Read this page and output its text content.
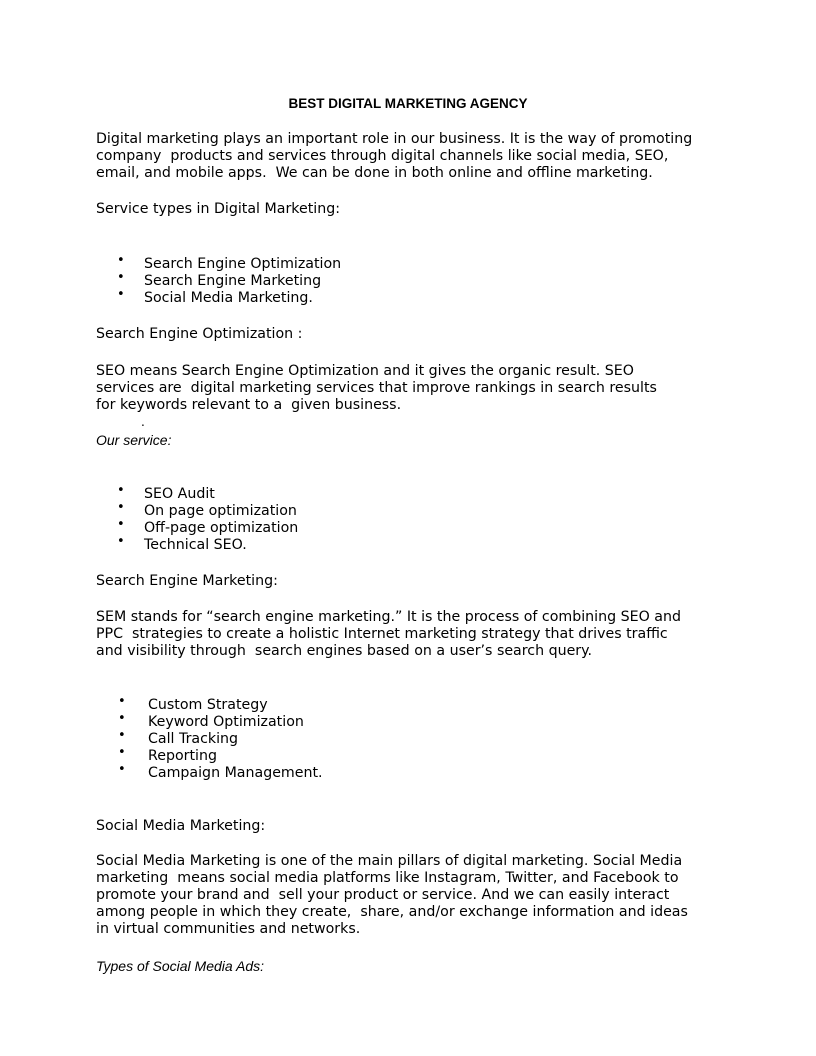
BEST DIGITAL MARKETING AGENCY
Digital marketing plays an important role in our business. It is the way of promoting
company  products and services through digital channels like social media, SEO,
email, and mobile apps.  We can be done in both online and offline marketing.
Service types in Digital Marketing:
• Search Engine Optimization
• Search Engine Marketing
• Social Media Marketing.
Search Engine Optimization :
SEO means Search Engine Optimization and it gives the organic result. SEO
services are  digital marketing services that improve rankings in search results
for keywords relevant to a  given business.
.
Our service:
• SEO Audit
• On page optimization
• Off-page optimization
• Technical SEO.
Search Engine Marketing:
SEM stands for “search engine marketing.” It is the process of combining SEO and
PPC  strategies to create a holistic Internet marketing strategy that drives traffic
and visibility through  search engines based on a user’s search query.
• Custom Strategy
• Keyword Optimization
• Call Tracking
• Reporting
• Campaign Management.
Social Media Marketing:
Social Media Marketing is one of the main pillars of digital marketing. Social Media
marketing  means social media platforms like Instagram, Twitter, and Facebook to
promote your brand and  sell your product or service. And we can easily interact
among people in which they create,  share, and/or exchange information and ideas
in virtual communities and networks.
Types of Social Media Ads:
